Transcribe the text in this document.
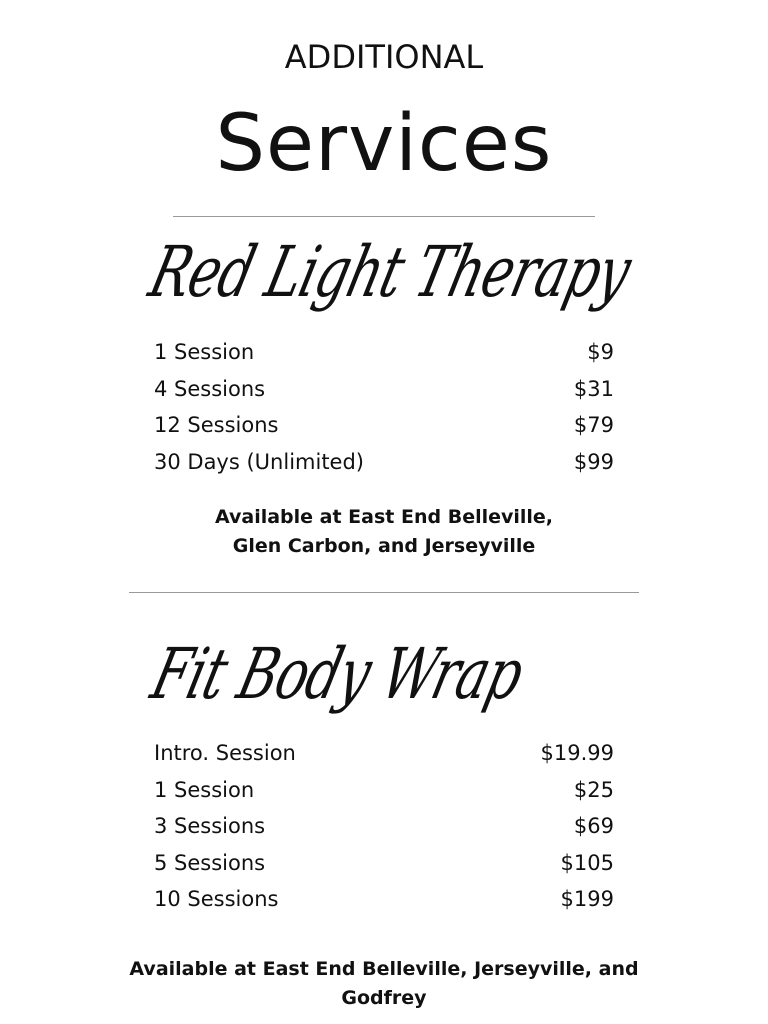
ADDITIONAL
Services
Red Light Therapy
1 Session	$9
4 Sessions	$31
12 Sessions	$79
30 Days (Unlimited)	$99
Available at East End Belleville,
Glen Carbon, and Jerseyville
Fit Body Wrap
Intro. Session	$19.99
1 Session	$25
3 Sessions	$69
5 Sessions	$105
10 Sessions	$199
Available at East End Belleville, Jerseyville, and
Godfrey
